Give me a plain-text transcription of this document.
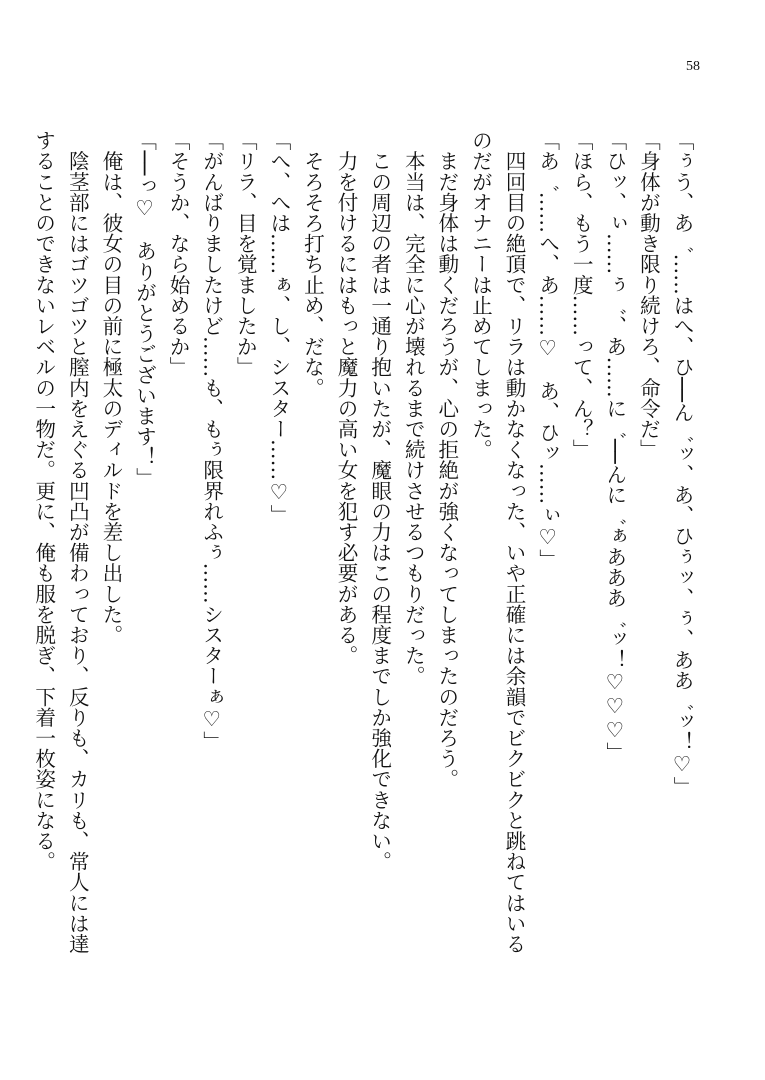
58

「ぅう、あ゛……はへ、ひ──ん゛ッ、あ、ひぅッ、ぅ、ああ゛ッ！♡」

「身体が動き限り続けろ、命令だ」

「ひッ、ぃ……ぅ゛、あ……に゛──んに゛ぁあああ゛ッ！♡♡♡」

「ほら、もう一度……って、ん？」

「あ゛……へ、あ……♡　あ、ひッ……ぃ♡」

　四回目の絶頂で、リラは動かなくなった、いや正確には余韻でビクビクと跳ねてはいる

のだがオナニーは止めてしまった。

　まだ身体は動くだろうが、心の拒絶が強くなってしまったのだろう。

　本当は、完全に心が壊れるまで続けさせるつもりだった。

　この周辺の者は一通り抱いたが、魔眼の力はこの程度までしか強化できない。

　力を付けるにはもっと魔力の高い女を犯す必要がある。

　そろそろ打ち止め、だな。

「へ、へは……ぁ、し、シスター……♡」

「リラ、目を覚ましたか」

「がんばりましたけど……も、もぅ限界れふぅ……シスターぁ♡」

「そうか、なら始めるか」

「──っ♡　ありがとうございます！」

　俺は、彼女の目の前に極太のディルドを差し出した。

　陰茎部にはゴツゴツと膣内をえぐる凹凸が備わっており、反りも、カリも、常人には達

することのできないレベルの一物だ。更に、俺も服を脱ぎ、下着一枚姿になる。
